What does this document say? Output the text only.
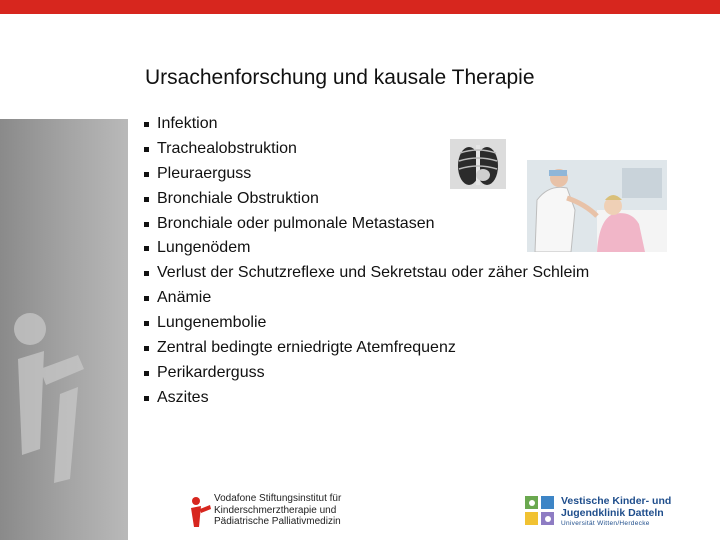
Ursachenforschung und kausale Therapie
Infektion
Trachealobstruktion
Pleuraerguss
Bronchiale Obstruktion
Bronchiale oder pulmonale Metastasen
Lungenödem
Verlust der Schutzreflexe und Sekretstau oder zäher Schleim
Anämie
Lungenembolie
Zentral bedingte erniedrigte Atemfrequenz
Perikarderguss
Aszites
Vodafone Stiftungsinstitut für
Kinderschmerztherapie und
Pädiatrische Palliativmedizin
Vestische Kinder- und
Jugendklinik Datteln
Universität Witten/Herdecke
